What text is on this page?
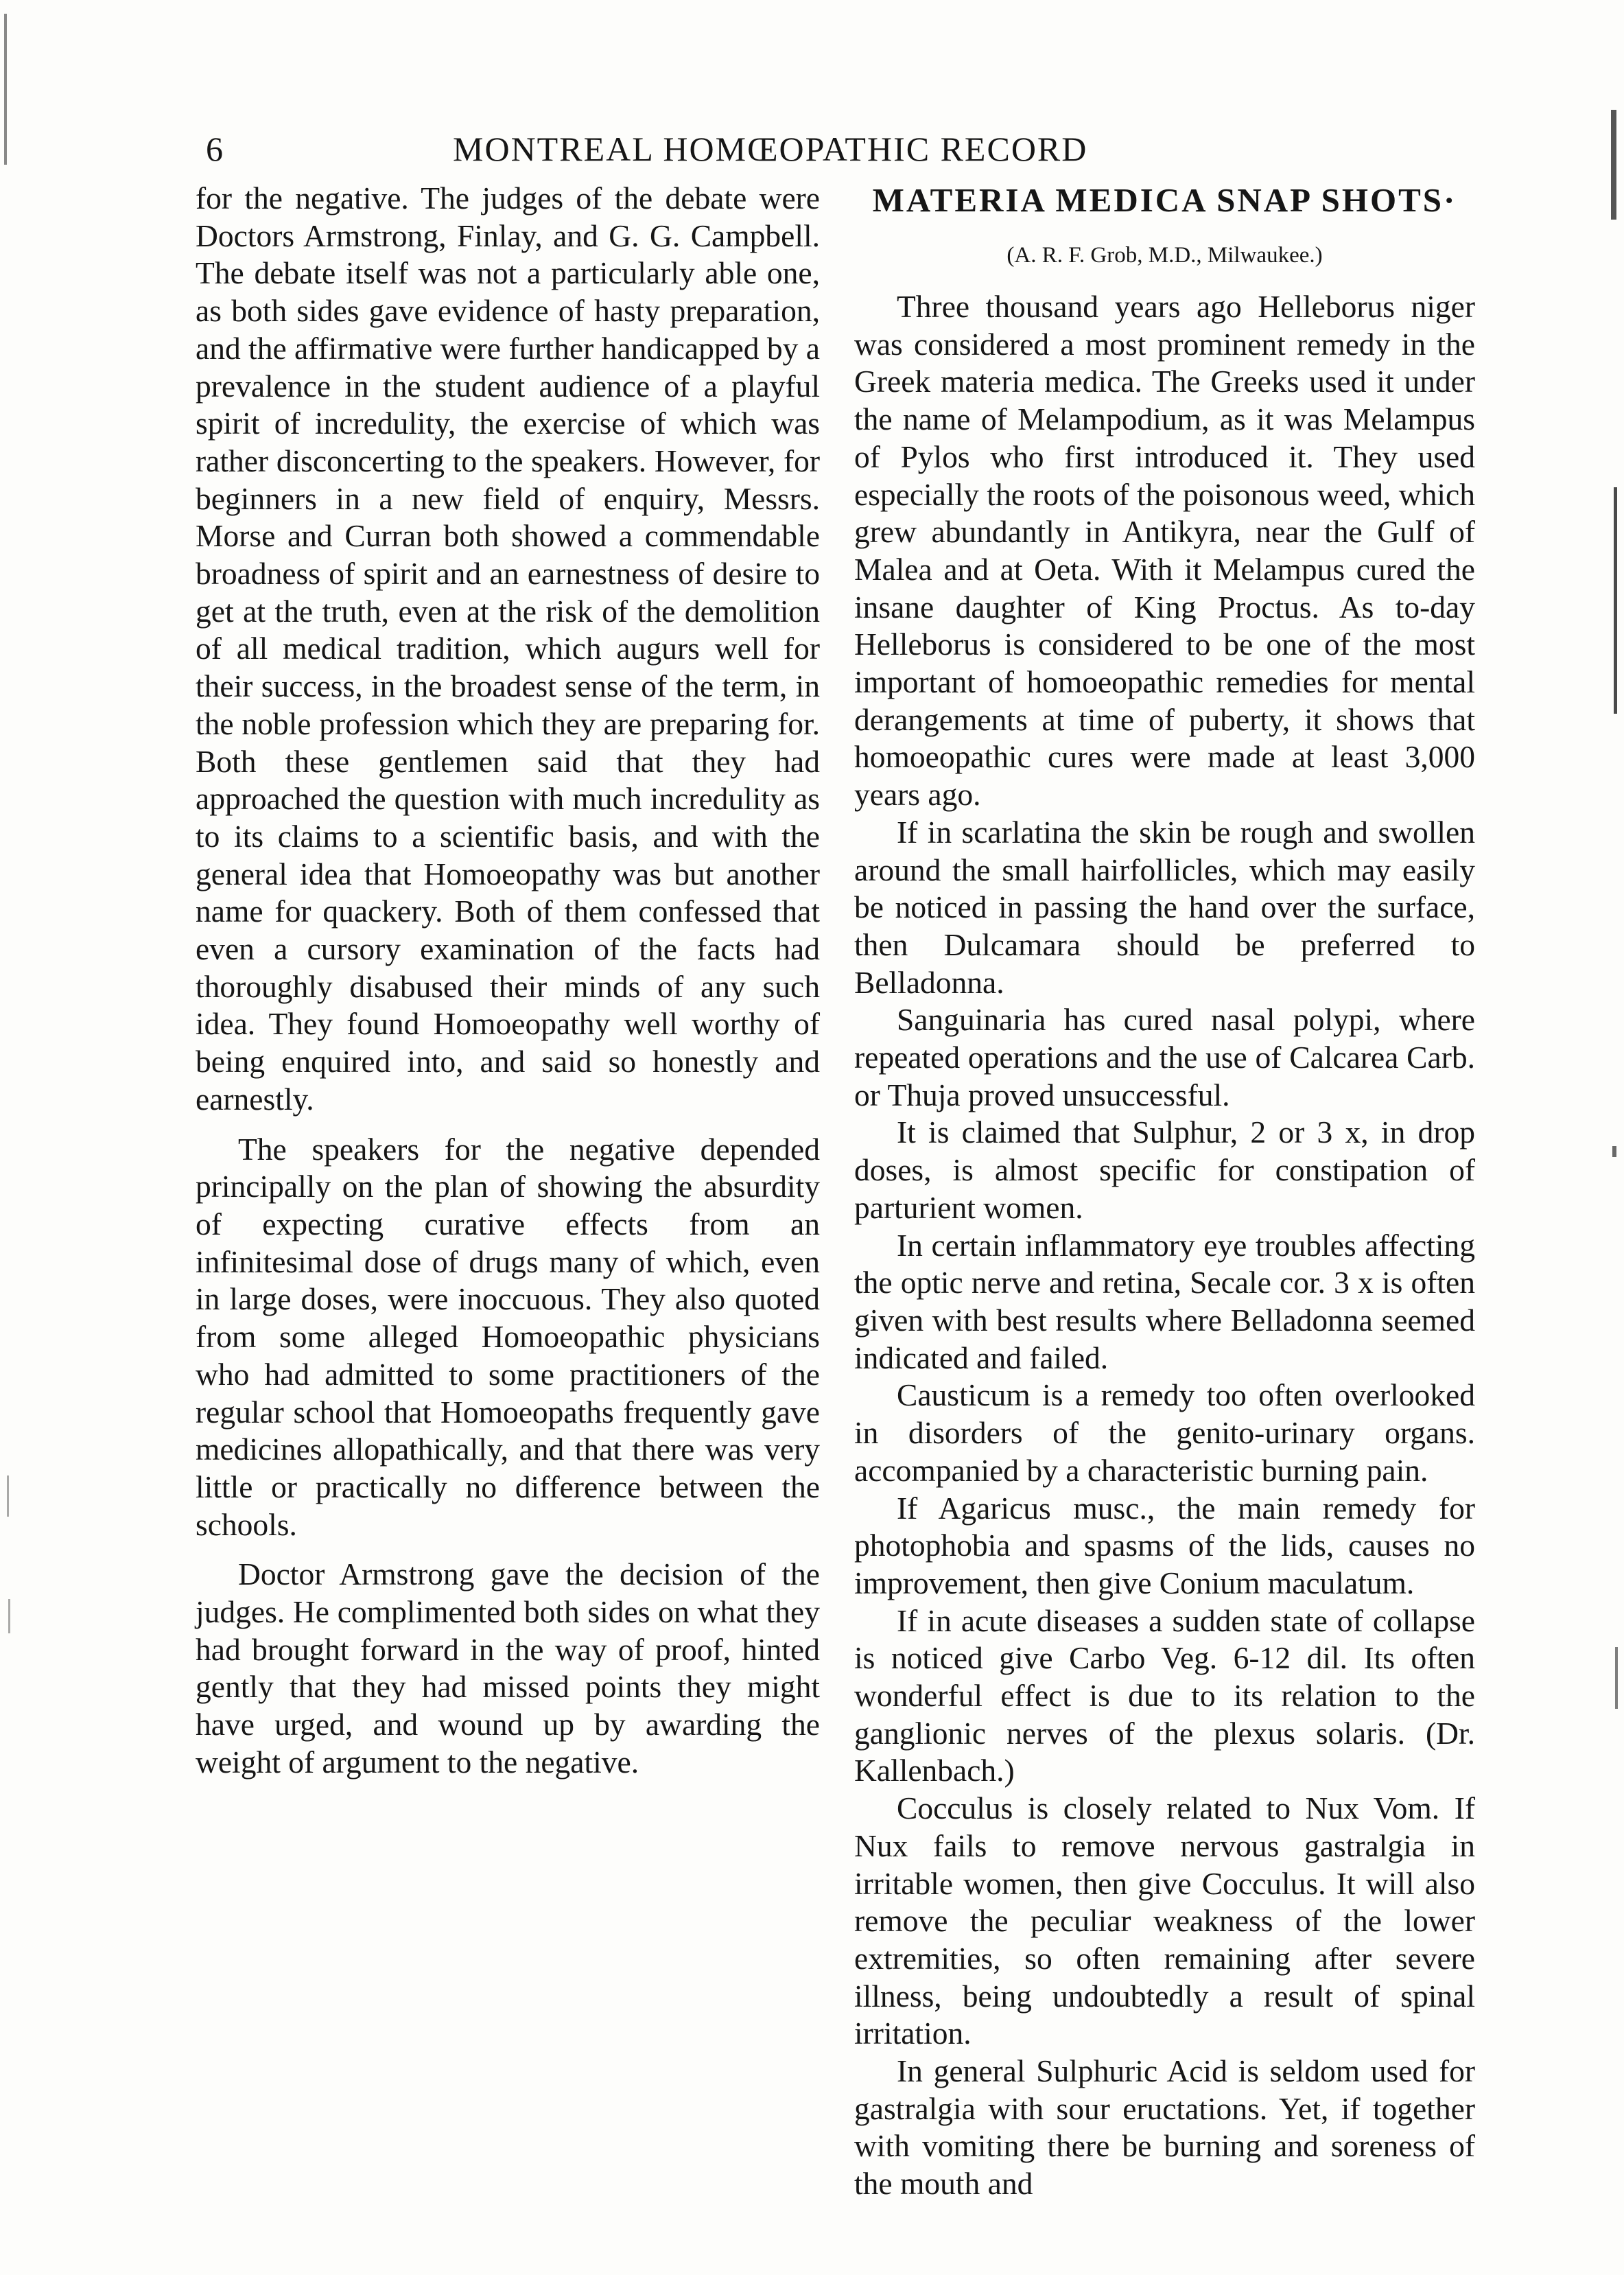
6	MONTREAL HOMŒOPATHIC RECORD

for the negative. The judges of the debate were Doctors Armstrong, Finlay, and G. G. Campbell. The debate itself was not a particularly able one, as both sides gave evidence of hasty preparation, and the affirmative were further handicapped by a prevalence in the student audience of a playful spirit of incredulity, the exercise of which was rather disconcerting to the speakers. However, for beginners in a new field of enquiry, Messrs. Morse and Curran both showed a commendable broadness of spirit and an earnestness of desire to get at the truth, even at the risk of the demolition of all medical tradition, which augurs well for their success, in the broadest sense of the term, in the noble profession which they are preparing for. Both these gentlemen said that they had approached the question with much incredulity as to its claims to a scientific basis, and with the general idea that Homoeopathy was but another name for quackery. Both of them confessed that even a cursory examination of the facts had thoroughly disabused their minds of any such idea. They found Homoeopathy well worthy of being enquired into, and said so honestly and earnestly.

The speakers for the negative depended principally on the plan of showing the absurdity of expecting curative effects from an infinitesimal dose of drugs many of which, even in large doses, were inoccuous. They also quoted from some alleged Homoeopathic physicians who had admitted to some practitioners of the regular school that Homoeopaths frequently gave medicines allopathically, and that there was very little or practically no difference between the schools.

Doctor Armstrong gave the decision of the judges. He complimented both sides on what they had brought forward in the way of proof, hinted gently that they had missed points they might have urged, and wound up by awarding the weight of argument to the negative.

MATERIA MEDICA SNAP SHOTS·
(A. R. F. Grob, M.D., Milwaukee.)

Three thousand years ago Helleborus niger was considered a most prominent remedy in the Greek materia medica. The Greeks used it under the name of Melampodium, as it was Melampus of Pylos who first introduced it. They used especially the roots of the poisonous weed, which grew abundantly in Antikyra, near the Gulf of Malea and at Oeta. With it Melampus cured the insane daughter of King Proctus. As to-day Helleborus is considered to be one of the most important of homoeopathic remedies for mental derangements at time of puberty, it shows that homoeopathic cures were made at least 3,000 years ago.

If in scarlatina the skin be rough and swollen around the small hairfollicles, which may easily be noticed in passing the hand over the surface, then Dulcamara should be preferred to Belladonna.

Sanguinaria has cured nasal polypi, where repeated operations and the use of Calcarea Carb. or Thuja proved unsuccessful.

It is claimed that Sulphur, 2 or 3 x, in drop doses, is almost specific for constipation of parturient women.

In certain inflammatory eye troubles affecting the optic nerve and retina, Secale cor. 3 x is often given with best results where Belladonna seemed indicated and failed.

Causticum is a remedy too often overlooked in disorders of the genito-urinary organs. accompanied by a characteristic burning pain.

If Agaricus musc., the main remedy for photophobia and spasms of the lids, causes no improvement, then give Conium maculatum.

If in acute diseases a sudden state of collapse is noticed give Carbo Veg. 6-12 dil. Its often wonderful effect is due to its relation to the ganglionic nerves of the plexus solaris. (Dr. Kallenbach.)

Cocculus is closely related to Nux Vom. If Nux fails to remove nervous gastralgia in irritable women, then give Cocculus. It will also remove the peculiar weakness of the lower extremities, so often remaining after severe illness, being undoubtedly a result of spinal irritation.

In general Sulphuric Acid is seldom used for gastralgia with sour eructations. Yet, if together with vomiting there be burning and soreness of the mouth and
